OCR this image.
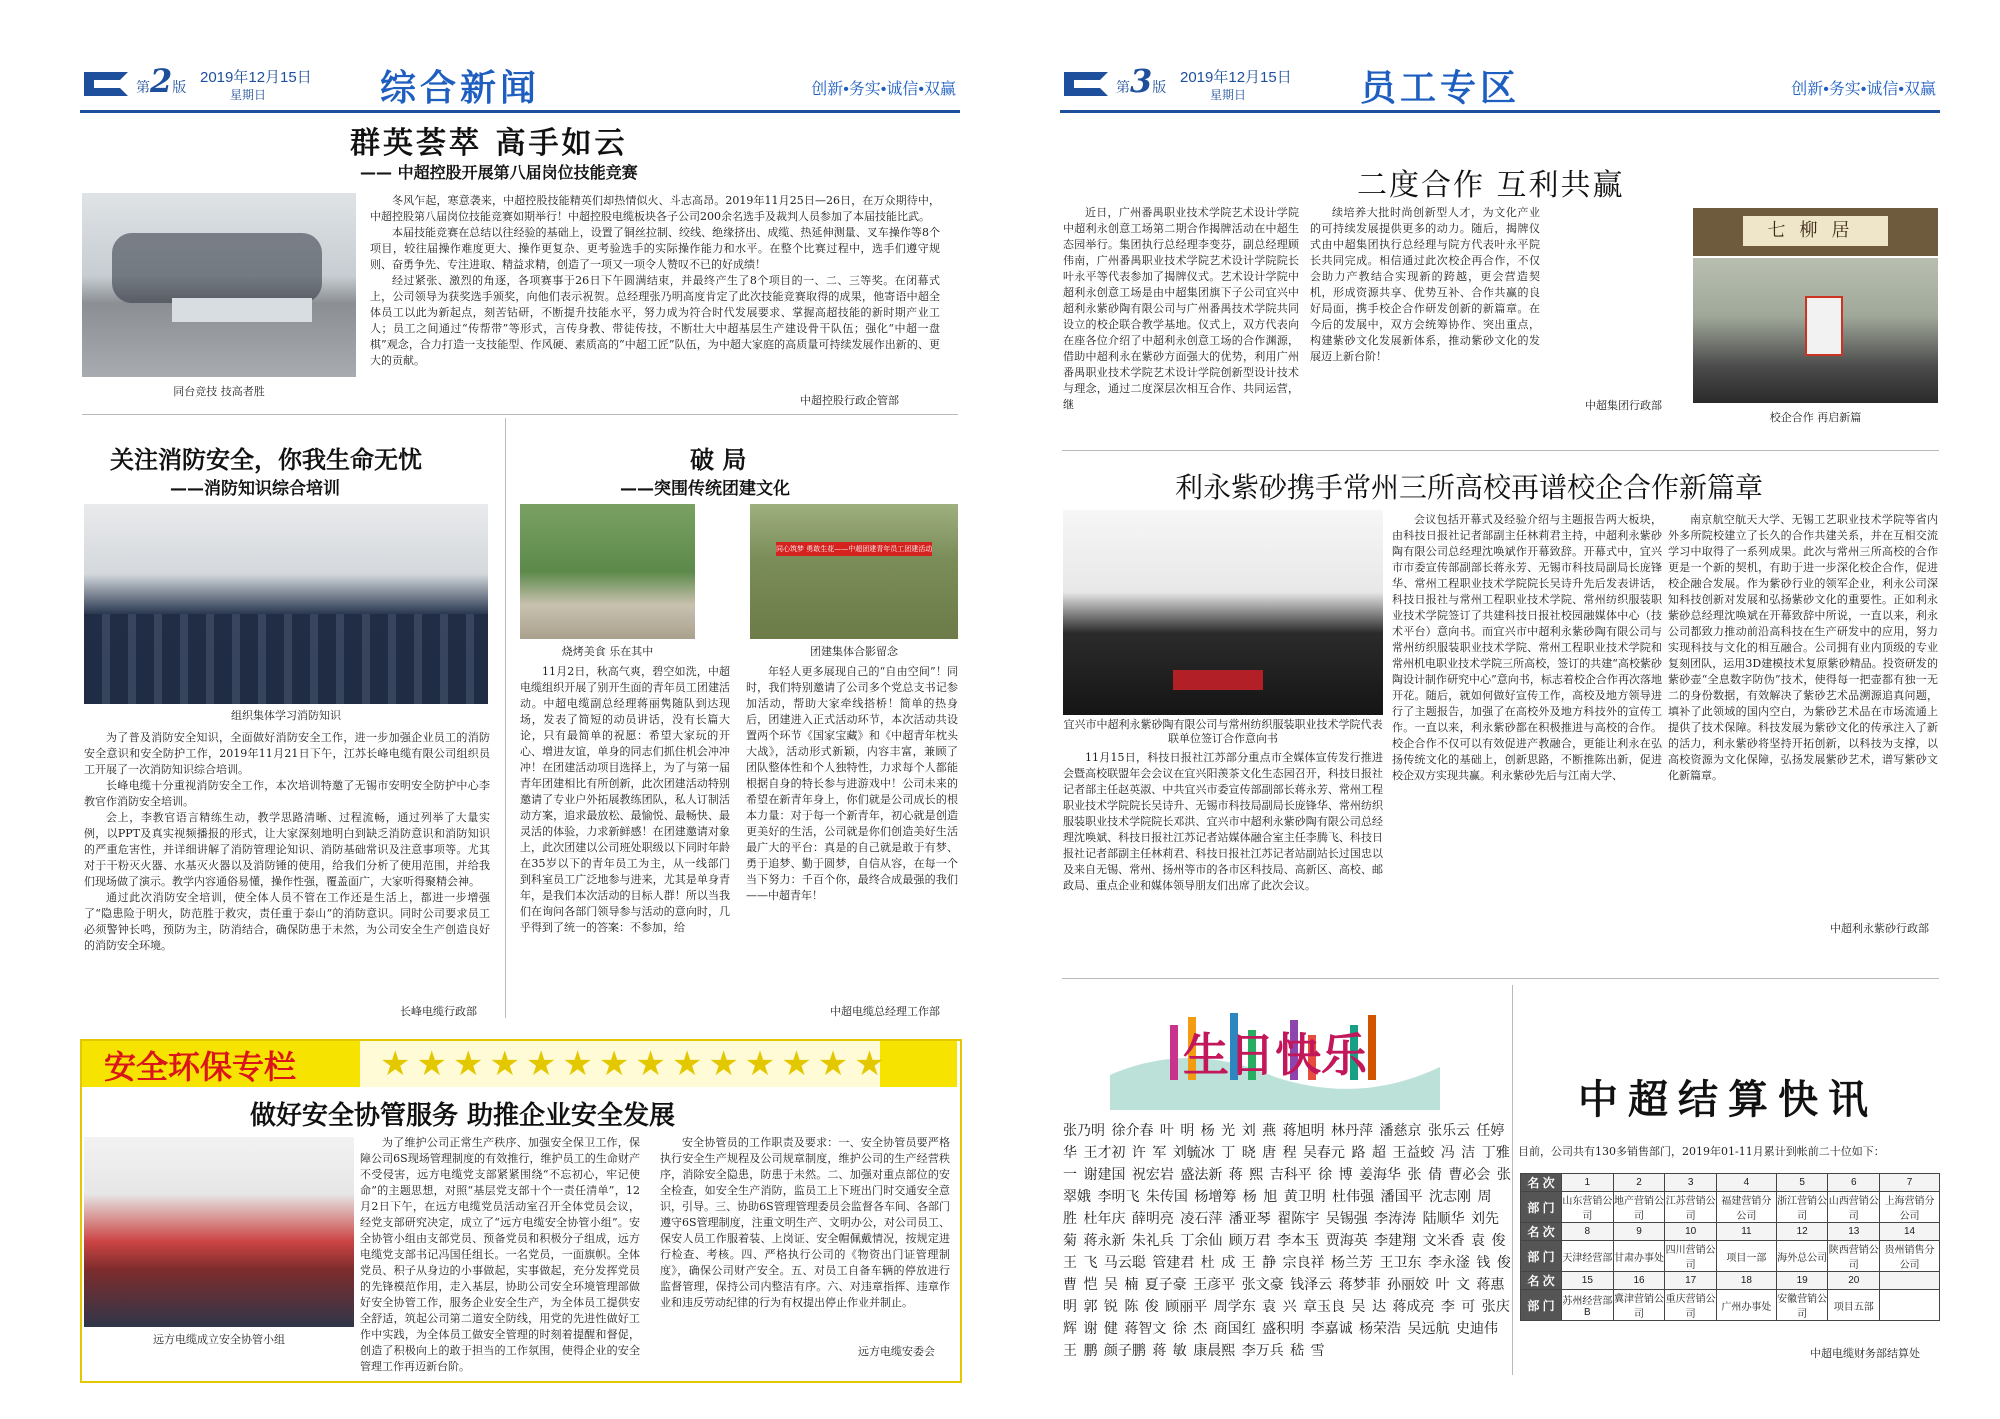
第2版
2019年12月15日
星期日	综合新闻	创新•务实•诚信•双赢
群英荟萃 高手如云
—— 中超控股开展第八届岗位技能竞赛
同台竞技 技高者胜
冬风乍起，寒意袭来，中超控股技能精英们却热情似火、斗志高昂。2019年11月25日—26日，在万众期待中，中超控股第八届岗位技能竞赛如期举行！中超控股电缆板块各子公司200余名选手及裁判人员参加了本届技能比武。
本届技能竞赛在总结以往经验的基础上，设置了铜丝拉制、绞线、绝缘挤出、成缆、热延伸测量、叉车操作等8个项目，较往届操作难度更大、操作更复杂、更考验选手的实际操作能力和水平。在整个比赛过程中，选手们遵守规则、奋勇争先、专注进取、精益求精，创造了一项又一项令人赞叹不已的好成绩！
经过紧张、激烈的角逐，各项赛事于26日下午圆满结束，并最终产生了8个项目的一、二、三等奖。在闭幕式上，公司领导为获奖选手颁奖，向他们表示祝贺。总经理张乃明高度肯定了此次技能竞赛取得的成果，他寄语中超全体员工以此为新起点，刻苦钻研，不断提升技能水平，努力成为符合时代发展要求、掌握高超技能的新时期产业工人；员工之间通过“传帮带”等形式，言传身教、带徒传技，不断壮大中超基层生产建设骨干队伍；强化“中超一盘棋”观念，合力打造一支技能型、作风硬、素质高的“中超工匠”队伍，为中超大家庭的高质量可持续发展作出新的、更大的贡献。
中超控股行政企管部
关注消防安全，你我生命无忧
——消防知识综合培训
组织集体学习消防知识
为了普及消防安全知识，全面做好消防安全工作，进一步加强企业员工的消防安全意识和安全防护工作，2019年11月21日下午，江苏长峰电缆有限公司组织员工开展了一次消防知识综合培训。
长峰电缆十分重视消防安全工作，本次培训特邀了无锡市安明安全防护中心李教官作消防安全培训。
会上，李教官语言精练生动，教学思路清晰、过程流畅，通过列举了大量实例，以PPT及真实视频播报的形式，让大家深刻地明白到缺乏消防意识和消防知识的严重危害性，并详细讲解了消防管理论知识、消防基础常识及注意事项等。尤其对于干粉灭火器、水基灭火器以及消防锤的使用，给我们分析了使用范围，并给我们现场做了演示。教学内容通俗易懂，操作性强，覆盖面广，大家听得聚精会神。
通过此次消防安全培训，使全体人员不管在工作还是生活上，都进一步增强了“隐患险于明火，防范胜于救灾，责任重于泰山”的消防意识。同时公司要求员工必须警钟长鸣，预防为主，防消结合，确保防患于未然，为公司安全生产创造良好的消防安全环境。
长峰电缆行政部
破 局
——突围传统团建文化
烧烤美食 乐在其中
同心筑梦 勇敢生花——中超团建青年员工团建活动
团建集体合影留念
11月2日，秋高气爽，碧空如洗，中超电缆组织开展了别开生面的青年员工团建活动。中超电缆副总经理蒋丽隽随队到达现场，发表了简短的动员讲话，没有长篇大论，只有最简单的祝愿：希望大家玩的开心、增进友谊，单身的同志们抓住机会冲冲冲！在团建活动项目选择上，为了与第一届青年团建相比有所创新，此次团建活动特别邀请了专业户外拓展教练团队，私人订制活动方案，追求最放松、最愉悦、最畅快、最灵活的体验，力求新鲜感！在团建邀请对象上，此次团建以公司班处职级以下同时年龄在35岁以下的青年员工为主，从一线部门到科室员工广泛地参与进来，尤其是单身青年，是我们本次活动的目标人群！所以当我们在询问各部门领导参与活动的意向时，几乎得到了统一的答案：不参加，给
年轻人更多展现自己的“自由空间”！同时，我们特别邀请了公司多个党总支书记参加活动，帮助大家牵线搭桥！简单的热身后，团建进入正式活动环节，本次活动共设置两个环节《国家宝藏》和《中超青年枕头大战》，活动形式新颖，内容丰富，兼顾了团队整体性和个人独特性，力求每个人都能根据自身的特长参与进游戏中！公司未来的希望在新青年身上，你们就是公司成长的根本力量：对于每一个新青年，初心就是创造更美好的生活，公司就是你们创造美好生活最广大的平台：真是的自己就是敢于有梦、勇于追梦、勤于圆梦，自信从容，在每一个当下努力：千百个你，最终合成最强的我们——中超青年！
中超电缆总经理工作部
安全环保专栏 ★★★★★★★★★★★★★★
做好安全协管服务 助推企业安全发展
远方电缆成立安全协管小组
为了维护公司正常生产秩序、加强安全保卫工作，保障公司6S现场管理制度的有效推行，维护员工的生命财产不受侵害，远方电缆党支部紧紧围绕“不忘初心，牢记使命”的主题思想，对照“基层党支部十个一责任清单”，12月2日下午，在远方电缆党员活动室召开全体党员会议，经党支部研究决定，成立了“远方电缆安全协管小组”。安全协管小组由支部党员、预备党员和积极分子组成，远方电缆党支部书记冯国任组长。一名党员，一面旗帜。全体党员、积子从身边的小事做起，实事做起，充分发挥党员的先锋模范作用，走入基层，协助公司安全环境管理部做好安全协管工作，服务企业安全生产，为全体员工提供安全舒适，筑起公司第二道安全防线，用党的先进性做好工作中实践，为全体员工做安全管理的时刻着提醒和督促，创造了积极向上的敢于担当的工作氛围，使得企业的安全管理工作再迈新台阶。
安全协管员的工作职责及要求：一、安全协管员要严格执行安全生产规程及公司规章制度，维护公司的生产经营秩序，消除安全隐患，防患于未然。二、加强对重点部位的安全检查，如安全生产消防，监员工上下班出门时交通安全意识，引导。三、协助6S管理管理委员会监督各车间、各部门遵守6S管理制度，注重文明生产、文明办公，对公司员工、保安人员工作服着装、上岗证、安全帽佩戴情况，按规定进行检查、考核。四、严格执行公司的《物资出门证管理制度》，确保公司财产安全。五、对员工自备车辆的停放进行监督管理，保持公司内整洁有序。六、对违章指挥、违章作业和违反劳动纪律的行为有权提出停止作业并制止。
远方电缆安委会
第3版
2019年12月15日
星期日	员工专区	创新•务实•诚信•双赢
二度合作 互利共赢
近日，广州番禺职业技术学院艺术设计学院中超利永创意工场第二期合作揭牌活动在中超生态园举行。集团执行总经理李变芬，副总经理顾伟南，广州番禺职业技术学院艺术设计学院院长叶永平等代表参加了揭牌仪式。艺术设计学院中超利永创意工场是由中超集团旗下子公司宜兴中超利永紫砂陶有限公司与广州番禺技术学院共同设立的校企联合教学基地。仪式上，双方代表向在座各位介绍了中超利永创意工场的合作渊源，借助中超利永在紫砂方面强大的优势，利用广州番禺职业技术学院艺术设计学院创新型设计技术与理念，通过二度深层次相互合作、共同运营，继
续培养大批时尚创新型人才，为文化产业的可持续发展提供更多的动力。随后，揭牌仪式由中超集团执行总经理与院方代表叶永平院长共同完成。相信通过此次校企再合作，不仅会助力产教结合实现新的跨越，更会营造契机，形成资源共享、优势互补、合作共赢的良好局面，携手校企合作研发创新的新篇章。在今后的发展中，双方会统筹协作、突出重点，构建紫砂文化发展新体系，推动紫砂文化的发展迈上新台阶！
中超集团行政部
七柳居
校企合作 再启新篇
利永紫砂携手常州三所高校再谱校企合作新篇章
宜兴市中超利永紫砂陶有限公司与常州纺织服装职业技术学院代表联单位签订合作意向书
11月15日，科技日报社江苏部分重点市全媒体宣传发行推进会暨高校联盟年会会议在宜兴阳羡茶文化生态园召开，科技日报社记者部主任赵英淑、中共宜兴市委宣传部副部长蒋永芳、常州工程职业技术学院院长吴诗升、无锡市科技局副局长庞锋华、常州纺织服装职业技术学院院长邓洪、宜兴市中超利永紫砂陶有限公司总经理沈唤斌、科技日报社江苏记者站媒体融合室主任李腾飞、科技日报社记者部副主任林莉君、科技日报社江苏记者站副站长过国忠以及来自无锡、常州、扬州等市的各市区科技局、高新区、高校、邮政局、重点企业和媒体领导朋友们出席了此次会议。
会议包括开幕式及经验介绍与主题报告两大板块，由科技日报社记者部副主任林莉君主持，中超利永紫砂陶有限公司总经理沈唤斌作开幕致辞。开幕式中，宜兴市市委宣传部副部长蒋永芳、无锡市科技局副局长庞锋华、常州工程职业技术学院院长吴诗升先后发表讲话，科技日报社与常州工程职业技术学院、常州纺织服装职业技术学院签订了共建科技日报社校园融媒体中心（技术平台）意向书。而宜兴市中超利永紫砂陶有限公司与常州纺织服装职业技术学院、常州工程职业技术学院和常州机电职业技术学院三所高校，签订的共建“高校紫砂陶设计制作研究中心”意向书，标志着校企合作再次落地开花。随后，就如何做好宣传工作，高校及地方领导进行了主题报告，加强了在高校外及地方科技外的宣传工作。一直以来，利永紫砂都在积极推进与高校的合作。校企合作不仅可以有效促进产教融合，更能让利永在弘扬传统文化的基础上，创新思路，不断推陈出新，促进校企双方实现共赢。利永紫砂先后与江南大学、
南京航空航天大学、无锡工艺职业技术学院等省内外多所院校建立了长久的合作共建关系，并在互相交流学习中取得了一系列成果。此次与常州三所高校的合作更是一个新的契机，有助于进一步深化校企合作，促进校企融合发展。作为紫砂行业的领军企业，利永公司深知科技创新对发展和弘扬紫砂文化的重要性。正如利永紫砂总经理沈唤斌在开幕致辞中所说，一直以来，利永公司都致力推动前沿高科技在生产研发中的应用，努力实现科技与文化的相互融合。公司拥有业内顶级的专业复刻团队，运用3D建模技术复原紫砂精品。投资研发的紫砂壶“全息数字防伪”技术，使得每一把壶都有独一无二的身份数据，有效解决了紫砂艺术品溯源追真问题，填补了此领域的国内空白，为紫砂艺术品在市场流通上提供了技术保障。科技发展为紫砂文化的传承注入了新的活力，利永紫砂将坚持开拓创新，以科技为支撑，以高校资源为文化保障，弘扬发展紫砂艺术，谱写紫砂文化新篇章。
中超利永紫砂行政部
生日快乐
张乃明 徐介春 叶 明 杨 光 刘 燕 蒋旭明 林丹萍 潘慈京 张乐云 任婷华 王才初 许 军 刘毓冰 丁 晓 唐 程 吴春元 路 超 王益蛟 冯 洁 丁雅一 谢建国 祝宏岩 盛法新 蒋 熙 吉科平 徐 博 姜海华 张 倩 曹必会 张翠娥 李明飞 朱传国 杨增筹 杨 旭 黄卫明 杜伟强 潘国平 沈志刚 周 胜 杜年庆 薛明亮 凌石萍 潘亚琴 翟陈宇 吴锡强 李涛涛 陆顺华 刘先菊 蒋永新 朱礼兵 丁余仙 顾万君 李本玉 贾海英 李建翔 文米香 袁 俊 王 飞 马云聪 管建君 杜 成 王 静 宗良祥 杨兰芳 王卫东 李永滏 钱 俊 曹 恺 吴 楠 夏子豪 王彦平 张文豪 钱泽云 蒋梦菲 孙丽姣 叶 文 蒋惠明 郭 锐 陈 俊 顾丽平 周学东 袁 兴 章玉良 吴 达 蒋成亮 李 可 张庆辉 谢 健 蒋智文 徐 杰 商国红 盛积明 李嘉诚 杨荣浩 吴远航 史迪伟 王 鹏 颜子鹏 蒋 敏 康晨熙 李万兵 嵇 雪
中超结算快讯
目前，公司共有130多销售部门，2019年01-11月累计到帐前二十位如下：
名 次	1	2	3	4	5	6	7
部 门	山东营销公司	地产营销公司	江苏营销公司	福建营销分公司	浙江营销公司	山西营销公司	上海营销分公司
名 次	8	9	10	11	12	13	14
部 门	天津经营部	甘肃办事处	四川营销公司	项目一部	海外总公司	陕西营销公司	贵州销售分公司
名 次	15	16	17	18	19	20	
部 门	苏州经营部B	冀津营销公司	重庆营销公司	广州办事处	安徽营销公司	项目五部	
中超电缆财务部结算处
